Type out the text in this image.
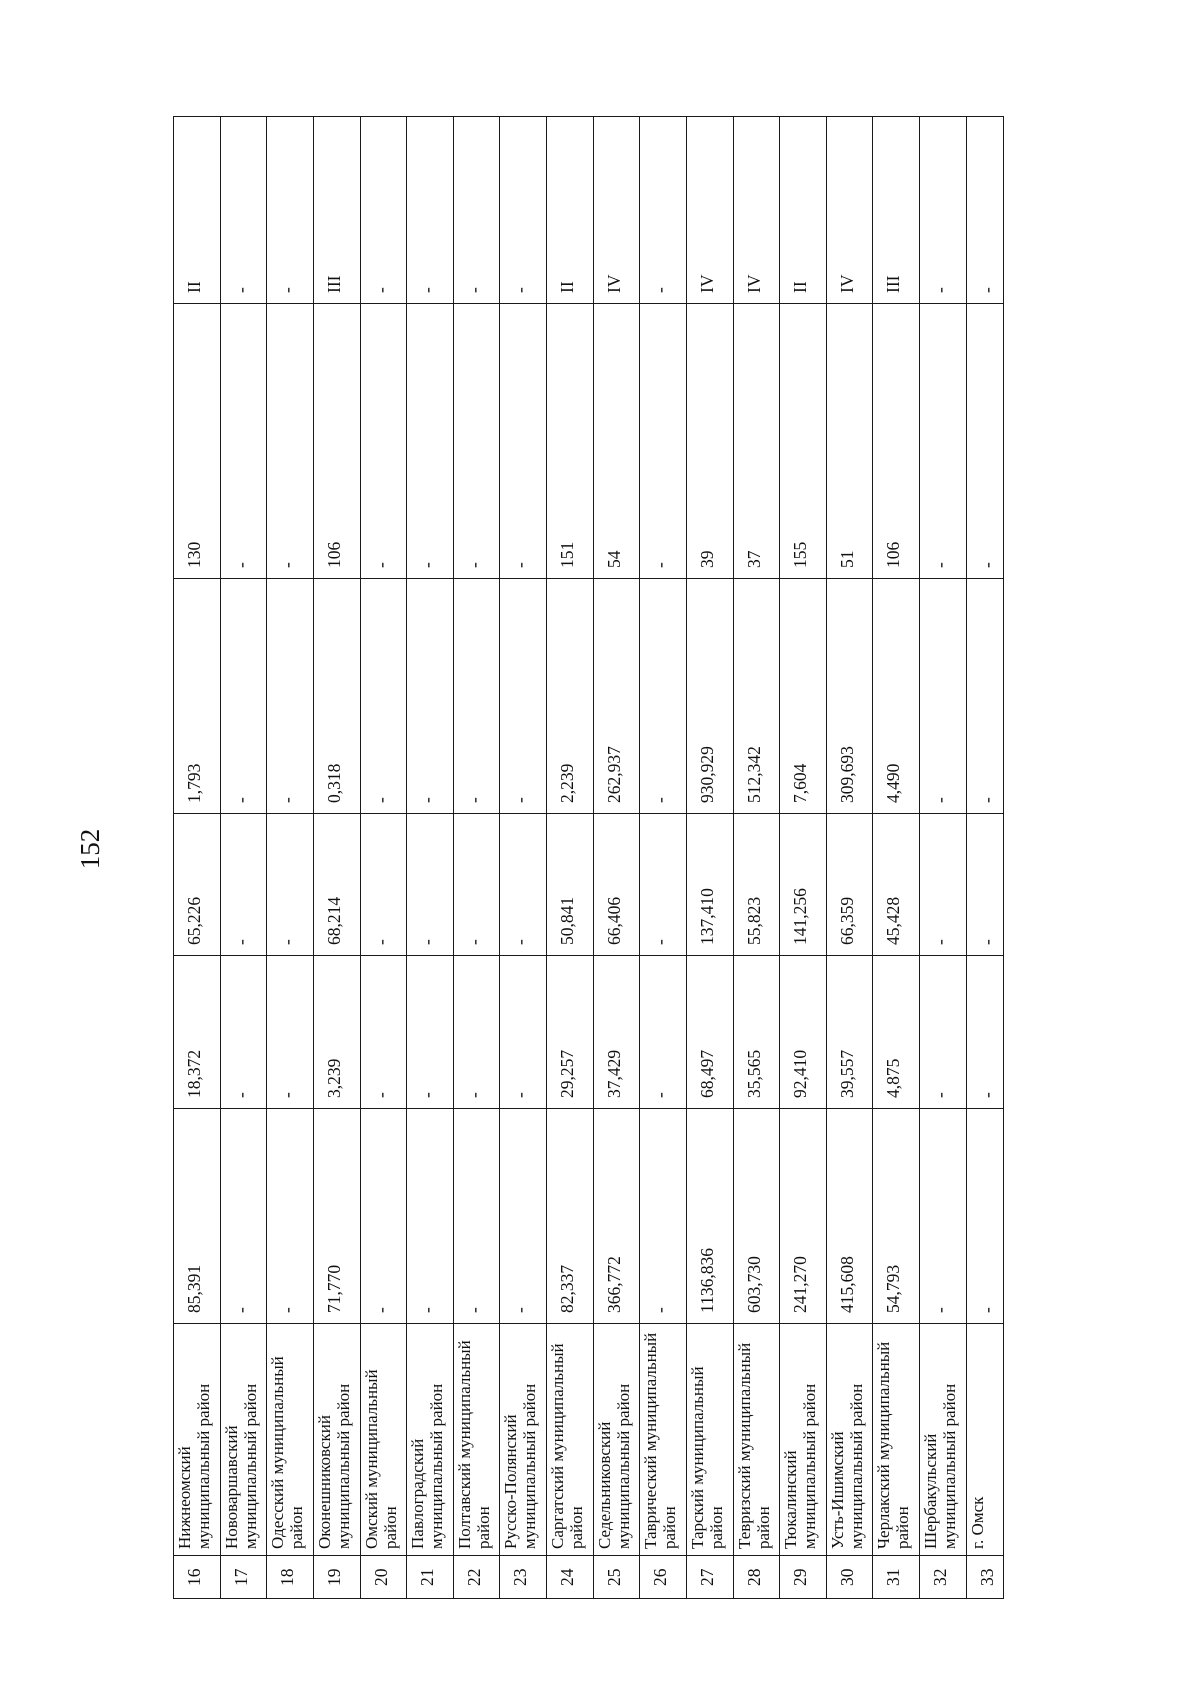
152
16	Нижнеомский муниципальный район	85,391	18,372	65,226	1,793	130	II
17	Нововаршавский муниципальный район	-	-	-	-	-	-
18	Одесский муниципальный район	-	-	-	-	-	-
19	Оконешниковский муниципальный район	71,770	3,239	68,214	0,318	106	III
20	Омский муниципальный район	-	-	-	-	-	-
21	Павлоградский муниципальный район	-	-	-	-	-	-
22	Полтавский муниципальный район	-	-	-	-	-	-
23	Русско-Полянский муниципальный район	-	-	-	-	-	-
24	Саргатский муниципальный район	82,337	29,257	50,841	2,239	151	II
25	Седельниковский муниципальный район	366,772	37,429	66,406	262,937	54	IV
26	Таврический муниципальный район	-	-	-	-	-	-
27	Тарский муниципальный район	1136,836	68,497	137,410	930,929	39	IV
28	Тевризский муниципальный район	603,730	35,565	55,823	512,342	37	IV
29	Тюкалинский муниципальный район	241,270	92,410	141,256	7,604	155	II
30	Усть-Ишимский муниципальный район	415,608	39,557	66,359	309,693	51	IV
31	Черлакский муниципальный район	54,793	4,875	45,428	4,490	106	III
32	Шербакульский муниципальный район	-	-	-	-	-	-
33	г. Омск	-	-	-	-	-	-
